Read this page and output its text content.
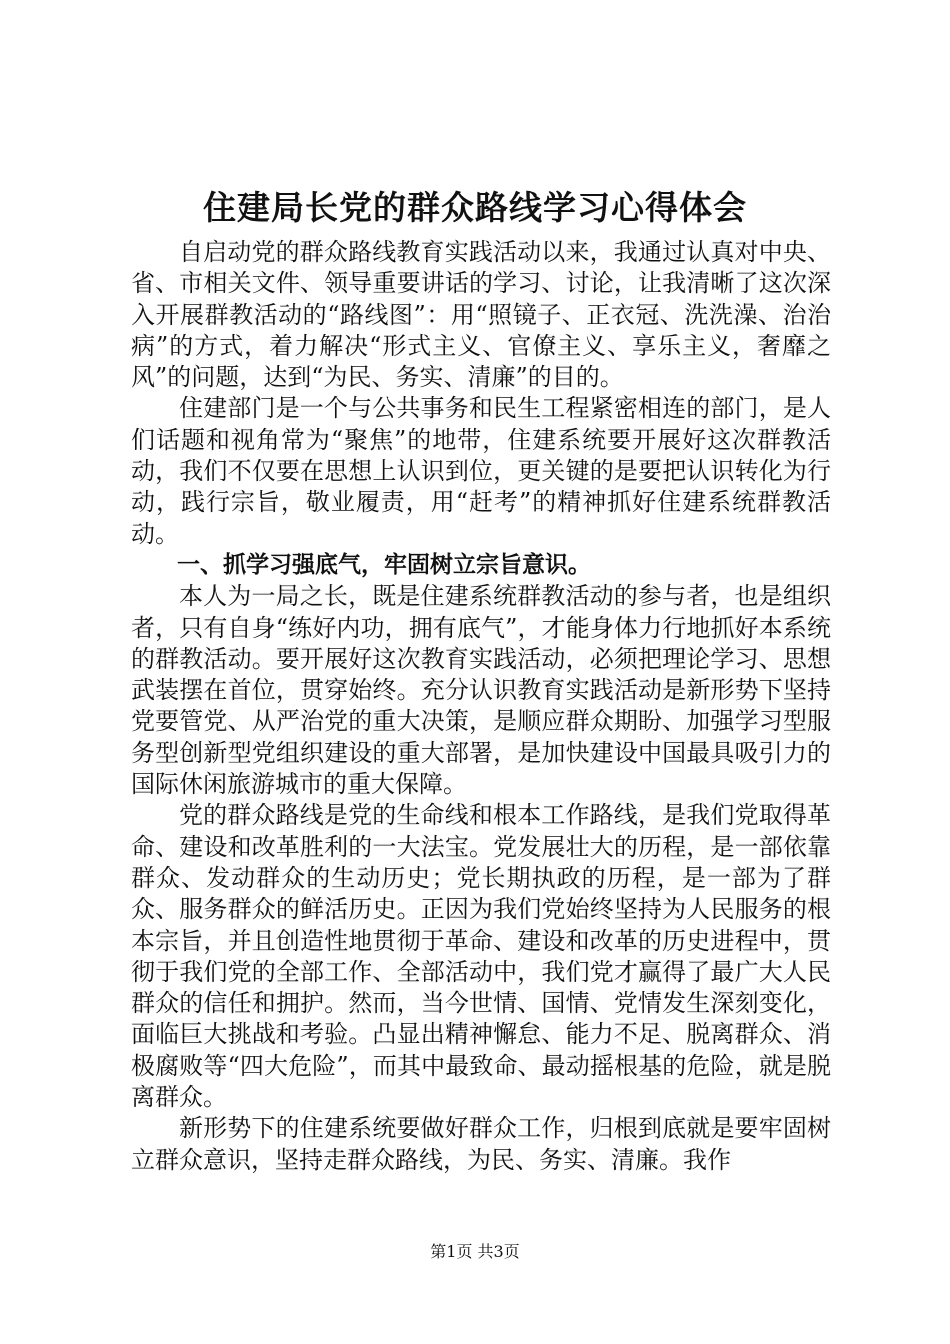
住建局长党的群众路线学习心得体会

自启动党的群众路线教育实践活动以来，我通过认真对中央、省、市相关文件、领导重要讲话的学习、讨论，让我清晰了这次深入开展群教活动的“路线图”：用“照镜子、正衣冠、洗洗澡、治治病”的方式，着力解决“形式主义、官僚主义、享乐主义，奢靡之风”的问题，达到“为民、务实、清廉”的目的。

住建部门是一个与公共事务和民生工程紧密相连的部门，是人们话题和视角常为“聚焦”的地带，住建系统要开展好这次群教活动，我们不仅要在思想上认识到位，更关键的是要把认识转化为行动，践行宗旨，敬业履责，用“赶考”的精神抓好住建系统群教活动。

一、抓学习强底气，牢固树立宗旨意识。

本人为一局之长，既是住建系统群教活动的参与者，也是组织者，只有自身“练好内功，拥有底气”，才能身体力行地抓好本系统的群教活动。要开展好这次教育实践活动，必须把理论学习、思想武装摆在首位，贯穿始终。充分认识教育实践活动是新形势下坚持党要管党、从严治党的重大决策，是顺应群众期盼、加强学习型服务型创新型党组织建设的重大部署，是加快建设中国最具吸引力的国际休闲旅游城市的重大保障。

党的群众路线是党的生命线和根本工作路线，是我们党取得革命、建设和改革胜利的一大法宝。党发展壮大的历程，是一部依靠群众、发动群众的生动历史；党长期执政的历程，是一部为了群众、服务群众的鲜活历史。正因为我们党始终坚持为人民服务的根本宗旨，并且创造性地贯彻于革命、建设和改革的历史进程中，贯彻于我们党的全部工作、全部活动中，我们党才赢得了最广大人民群众的信任和拥护。然而，当今世情、国情、党情发生深刻变化，面临巨大挑战和考验。凸显出精神懈怠、能力不足、脱离群众、消极腐败等“四大危险”，而其中最致命、最动摇根基的危险，就是脱离群众。

新形势下的住建系统要做好群众工作，归根到底就是要牢固树立群众意识，坚持走群众路线，为民、务实、清廉。我作

第1页 共3页
